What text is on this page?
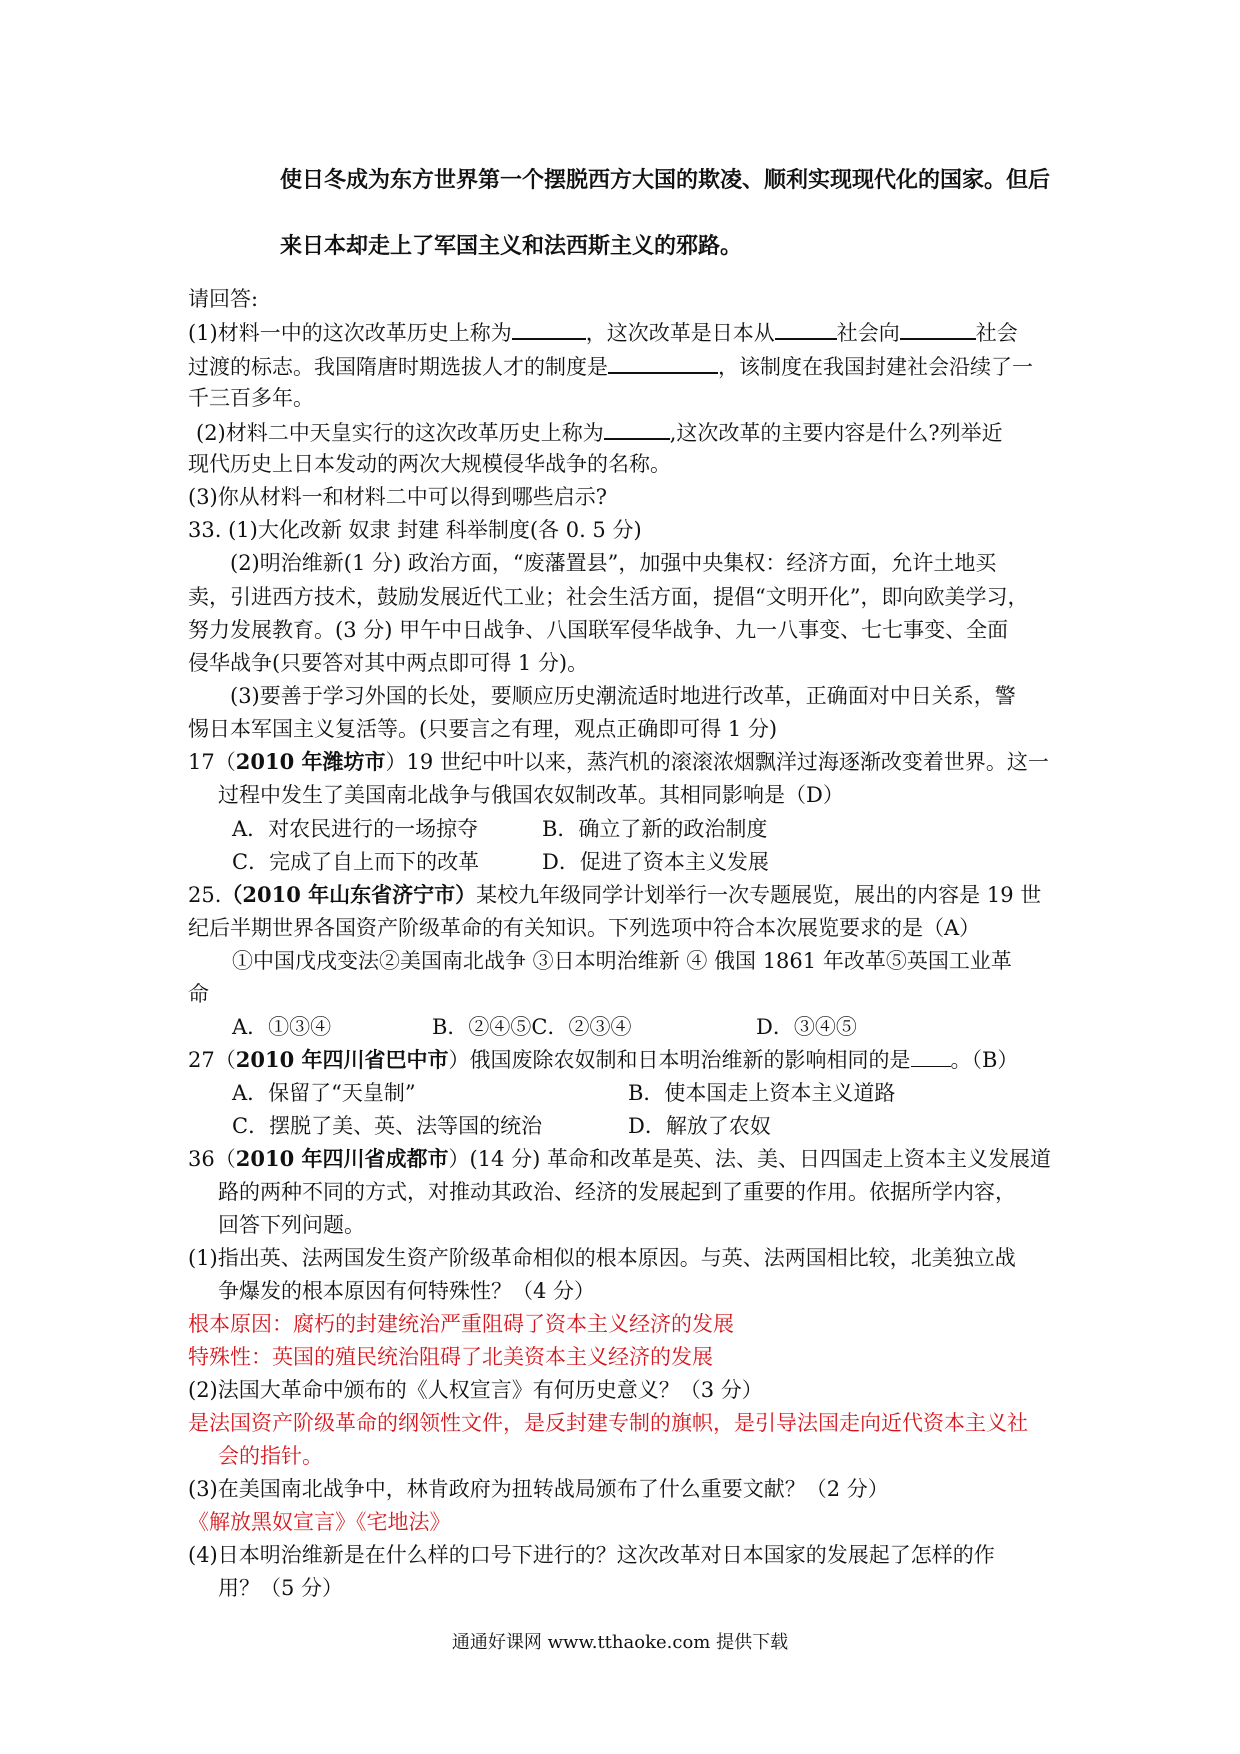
使日冬成为东方世界第一个摆脱西方大国的欺凌、顺利实现现代化的国家。但后
来日本却走上了军国主义和法西斯主义的邪路。
请回答:
(1)材料一中的这次改革历史上称为	，这次改革是日本从	社会向	社会
过渡的标志。我国隋唐时期选拔人才的制度是	，该制度在我国封建社会沿续了一
千三百多年。
(2)材料二中天皇实行的这次改革历史上称为	,这次改革的主要内容是什么?列举近
现代历史上日本发动的两次大规模侵华战争的名称。
(3)你从材料一和材料二中可以得到哪些启示?
33. (1)大化改新 奴隶 封建 科举制度(各 0. 5 分)
(2)明治维新(1 分) 政治方面，“废藩置县”，加强中央集权：经济方面，允许土地买
卖，引进西方技术，鼓励发展近代工业；社会生活方面，提倡“文明开化”，即向欧美学习，
努力发展教育。(3 分) 甲午中日战争、八国联军侵华战争、九一八事变、七七事变、全面
侵华战争(只要答对其中两点即可得 1 分)。
(3)要善于学习外国的长处，要顺应历史潮流适时地进行改革，正确面对中日关系，警
惕日本军国主义复活等。(只要言之有理，观点正确即可得 1 分)
17（2010 年潍坊市）19 世纪中叶以来，蒸汽机的滚滚浓烟飘洋过海逐渐改变着世界。这一
过程中发生了美国南北战争与俄国农奴制改革。其相同影响是（D）
A．对农民进行的一场掠夺	B．确立了新的政治制度
C．完成了自上而下的改革	D．促进了资本主义发展
25.（2010 年山东省济宁市）某校九年级同学计划举行一次专题展览，展出的内容是 19 世
纪后半期世界各国资产阶级革命的有关知识。下列选项中符合本次展览要求的是（A）
①中国戊戌变法②美国南北战争 ③日本明治维新 ④ 俄国 1861 年改革⑤英国工业革
命
A．①③④	B．②④⑤C．②③④	D．③④⑤
27（2010 年四川省巴中市）俄国废除农奴制和日本明治维新的影响相同的是 。（B）
A．保留了“天皇制”	B．使本国走上资本主义道路
C．摆脱了美、英、法等国的统治	D．解放了农奴
36（2010 年四川省成都市）(14 分) 革命和改革是英、法、美、日四国走上资本主义发展道
路的两种不同的方式，对推动其政治、经济的发展起到了重要的作用。依据所学内容，
回答下列问题。
(1)指出英、法两国发生资产阶级革命相似的根本原因。与英、法两国相比较，北美独立战
争爆发的根本原因有何特殊性？（4 分）
根本原因：腐朽的封建统治严重阻碍了资本主义经济的发展
特殊性：英国的殖民统治阻碍了北美资本主义经济的发展
(2)法国大革命中颁布的《人权宣言》有何历史意义？（3 分）
是法国资产阶级革命的纲领性文件，是反封建专制的旗帜，是引导法国走向近代资本主义社
会的指针。
(3)在美国南北战争中，林肯政府为扭转战局颁布了什么重要文献？（2 分）
《解放黑奴宣言》《宅地法》
(4)日本明治维新是在什么样的口号下进行的？这次改革对日本国家的发展起了怎样的作
用？（5 分）
通通好课网 www.tthaoke.com 提供下载
